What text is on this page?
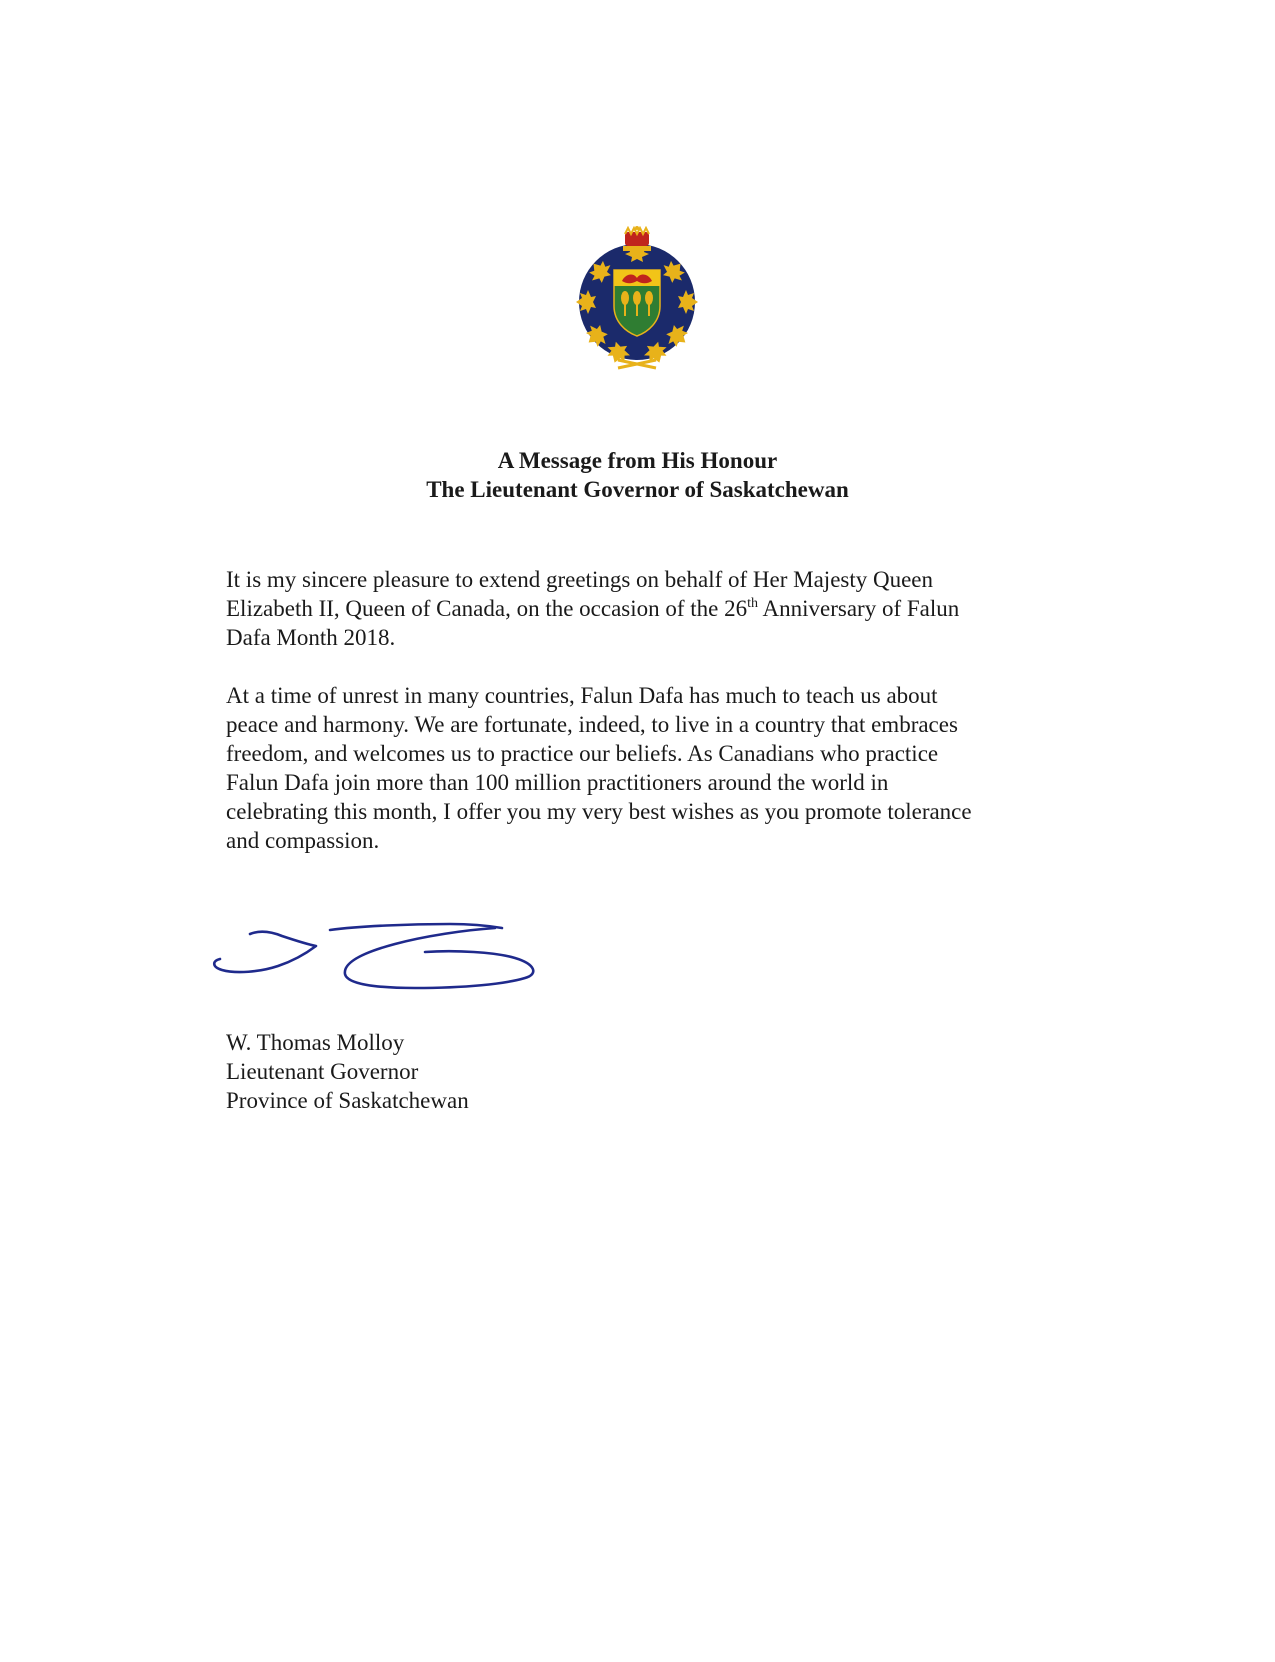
A Message from His Honour
The Lieutenant Governor of Saskatchewan
It is my sincere pleasure to extend greetings on behalf of Her Majesty Queen
Elizabeth II, Queen of Canada, on the occasion of the 26th Anniversary of Falun
Dafa Month 2018.
At a time of unrest in many countries, Falun Dafa has much to teach us about
peace and harmony. We are fortunate, indeed, to live in a country that embraces
freedom, and welcomes us to practice our beliefs. As Canadians who practice
Falun Dafa join more than 100 million practitioners around the world in
celebrating this month, I offer you my very best wishes as you promote tolerance
and compassion.
W. Thomas Molloy
Lieutenant Governor
Province of Saskatchewan
